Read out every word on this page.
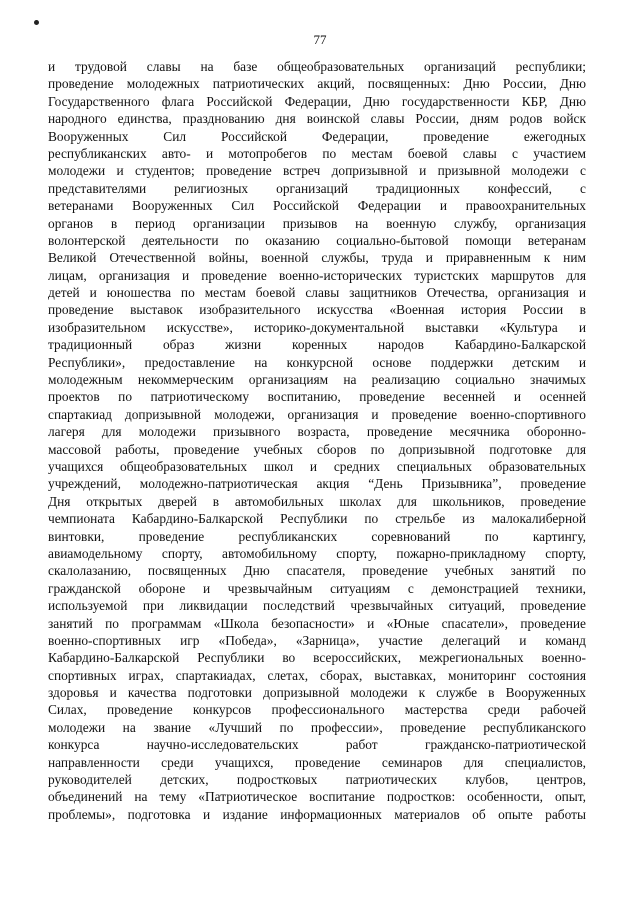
77
и трудовой славы на базе общеобразовательных организаций республики;
проведение молодежных патриотических акций, посвященных: Дню России, Дню
Государственного флага Российской Федерации, Дню государственности КБР, Дню
народного единства, празднованию дня воинской славы России, дням родов войск
Вооруженных Сил Российской Федерации, проведение ежегодных
республиканских авто- и мотопробегов по местам боевой славы с участием
молодежи и студентов; проведение встреч допризывной и призывной молодежи с
представителями религиозных организаций традиционных конфессий, с
ветеранами Вооруженных Сил Российской Федерации и правоохранительных
органов в период организации призывов на военную службу, организация
волонтерской деятельности по оказанию социально-бытовой помощи ветеранам
Великой Отечественной войны, военной службы, труда и приравненным к ним
лицам, организация и проведение военно-исторических туристских маршрутов для
детей и юношества по местам боевой славы защитников Отечества, организация и
проведение выставок изобразительного искусства «Военная история России в
изобразительном искусстве», историко-документальной выставки «Культура и
традиционный образ жизни коренных народов Кабардино-Балкарской
Республики», предоставление на конкурсной основе поддержки детским и
молодежным некоммерческим организациям на реализацию социально значимых
проектов по патриотическому воспитанию, проведение весенней и осенней
спартакиад допризывной молодежи, организация и проведение военно-спортивного
лагеря для молодежи призывного возраста, проведение месячника оборонно-
массовой работы, проведение учебных сборов по допризывной подготовке для
учащихся общеобразовательных школ и средних специальных образовательных
учреждений, молодежно-патриотическая акция “День Призывника”, проведение
Дня открытых дверей в автомобильных школах для школьников, проведение
чемпионата Кабардино-Балкарской Республики по стрельбе из малокалиберной
винтовки, проведение республиканских соревнований по картингу,
авиамодельному спорту, автомобильному спорту, пожарно-прикладному спорту,
скалолазанию, посвященных Дню спасателя, проведение учебных занятий по
гражданской обороне и чрезвычайным ситуациям с демонстрацией техники,
используемой при ликвидации последствий чрезвычайных ситуаций, проведение
занятий по программам «Школа безопасности» и «Юные спасатели», проведение
военно-спортивных игр «Победа», «Зарница», участие делегаций и команд
Кабардино-Балкарской Республики во всероссийских, межрегиональных военно-
спортивных играх, спартакиадах, слетах, сборах, выставках, мониторинг состояния
здоровья и качества подготовки допризывной молодежи к службе в Вооруженных
Силах, проведение конкурсов профессионального мастерства среди рабочей
молодежи на звание «Лучший по профессии», проведение республиканского
конкурса научно-исследовательских работ гражданско-патриотической
направленности среди учащихся, проведение семинаров для специалистов,
руководителей детских, подростковых патриотических клубов, центров,
объединений на тему «Патриотическое воспитание подростков: особенности, опыт,
проблемы», подготовка и издание информационных материалов об опыте работы
